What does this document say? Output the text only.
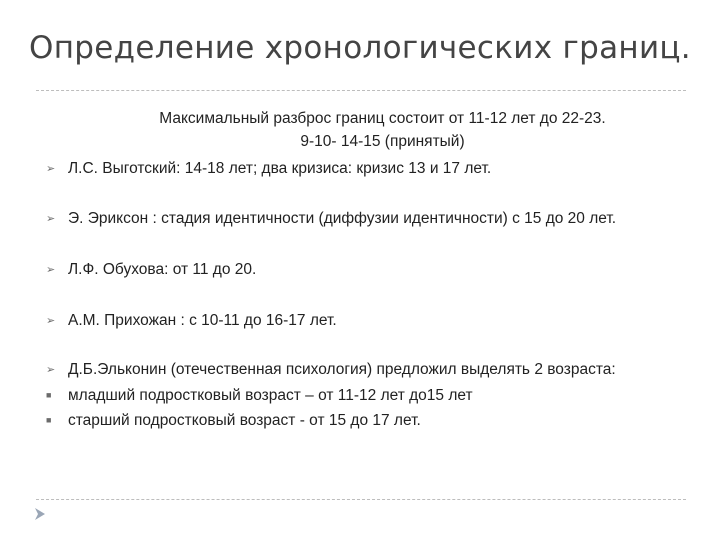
Определение хронологических границ.
Максимальный разброс границ состоит от 11-12 лет до 22-23.
9-10- 14-15 (принятый)
➢ Л.С. Выготский: 14-18 лет; два кризиса: кризис 13 и 17 лет.
➢ Э. Эриксон : стадия идентичности (диффузии идентичности) с 15 до 20 лет.
➢ Л.Ф. Обухова: от 11 до 20.
➢ А.М. Прихожан : с 10-11 до 16-17 лет.
➢ Д.Б.Эльконин (отечественная психология) предложил выделять 2 возраста:
■ младший подростковый возраст – от 11-12 лет до15 лет
■ старший подростковый возраст - от 15 до 17 лет.
